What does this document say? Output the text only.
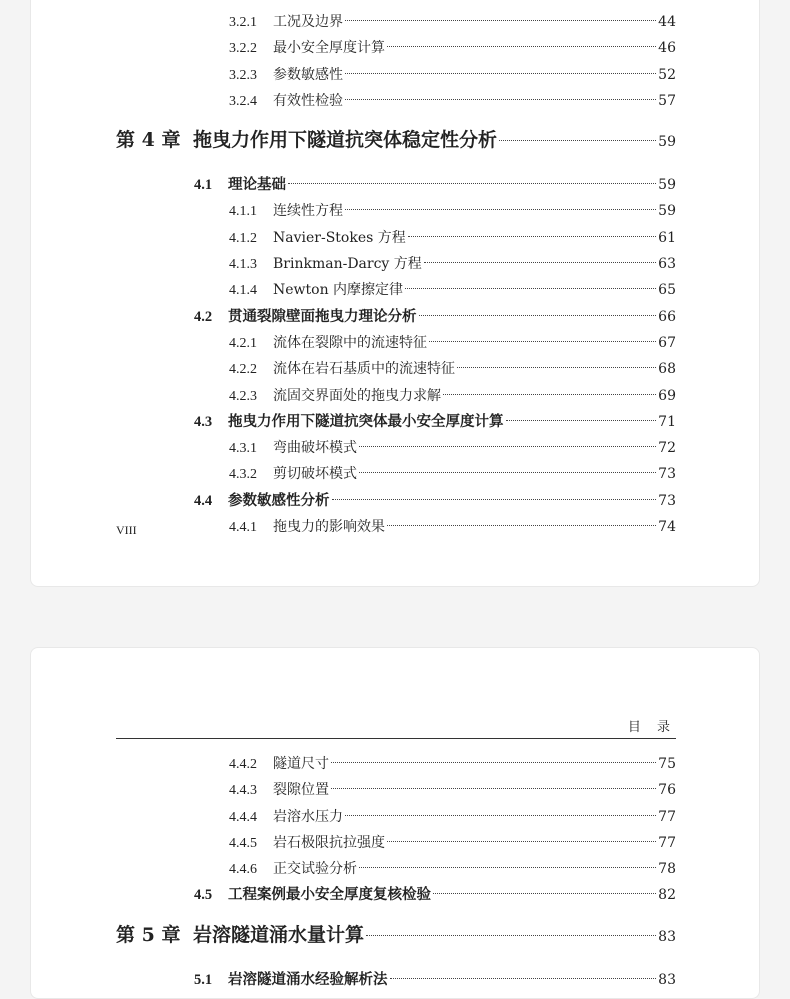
3.2.1	工况及边界	44
3.2.2	最小安全厚度计算	46
3.2.3	参数敏感性	52
3.2.4	有效性检验	57
第 4 章 拖曳力作用下隧道抗突体稳定性分析	59
4.1	理论基础	59
4.1.1	连续性方程	59
4.1.2	Navier-Stokes 方程	61
4.1.3	Brinkman-Darcy 方程	63
4.1.4	Newton 内摩擦定律	65
4.2	贯通裂隙壁面拖曳力理论分析	66
4.2.1	流体在裂隙中的流速特征	67
4.2.2	流体在岩石基质中的流速特征	68
4.2.3	流固交界面处的拖曳力求解	69
4.3	拖曳力作用下隧道抗突体最小安全厚度计算	71
4.3.1	弯曲破坏模式	72
4.3.2	剪切破坏模式	73
4.4	参数敏感性分析	73
4.4.1	拖曳力的影响效果	74
VIII
目 录
4.4.2	隧道尺寸	75
4.4.3	裂隙位置	76
4.4.4	岩溶水压力	77
4.4.5	岩石极限抗拉强度	77
4.4.6	正交试验分析	78
4.5	工程案例最小安全厚度复核检验	82
第 5 章 岩溶隧道涌水量计算	83
5.1	岩溶隧道涌水经验解析法	83
